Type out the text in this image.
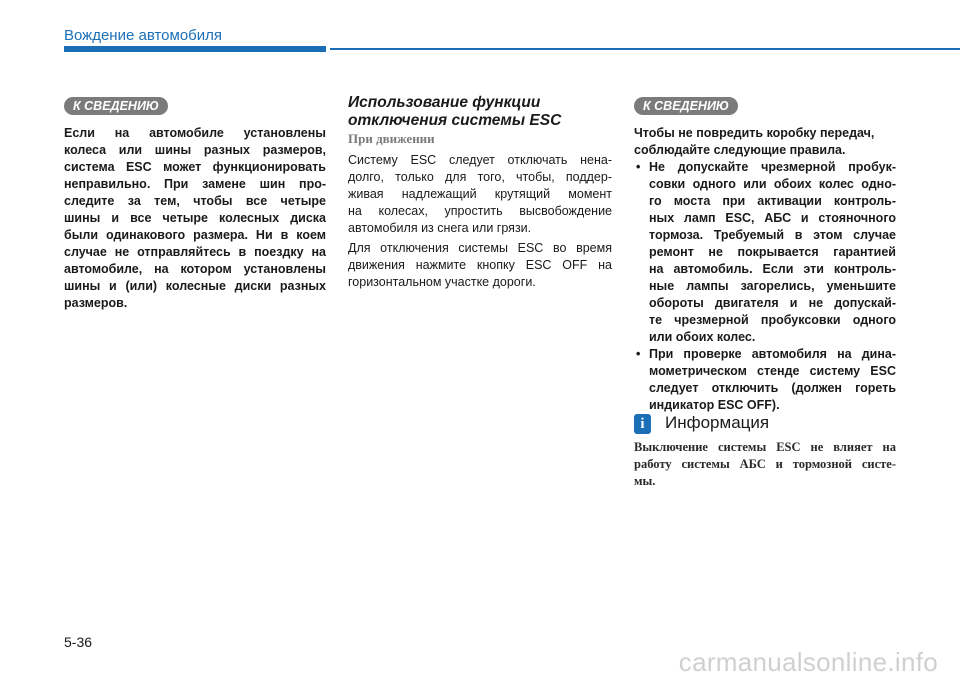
Вождение автомобиля
К СВЕДЕНИЮ
Если на автомобиле установлены
колеса или шины разных размеров,
система ESC может функционировать
неправильно. При замене шин про-
следите за тем, чтобы все четыре
шины и все четыре колесных диска
были одинакового размера. Ни в коем
случае не отправляйтесь в поездку на
автомобиле, на котором установлены
шины и (или) колесные диски разных
размеров.
Использование функции
отключения системы ESC
При движении
Систему ESC следует отключать нена-
долго, только для того, чтобы, поддер-
живая надлежащий крутящий момент
на колесах, упростить высвобождение
автомобиля из снега или грязи.
Для отключения системы ESC во время
движения нажмите кнопку ESC OFF на
горизонтальном участке дороги.
К СВЕДЕНИЮ
Чтобы не повредить коробку передач,
соблюдайте следующие правила.
• Не допускайте чрезмерной пробук-
совки одного или обоих колес одно-
го моста при активации контроль-
ных ламп ESC, АБС и стояночного
тормоза. Требуемый в этом случае
ремонт не покрывается гарантией
на автомобиль. Если эти контроль-
ные лампы загорелись, уменьшите
обороты двигателя и не допускай-
те чрезмерной пробуксовки одного
или обоих колес.
• При проверке автомобиля на дина-
мометрическом стенде систему ESC
следует отключить (должен гореть
индикатор ESC OFF).
i	Информация
Выключение системы ESC не влияет на
работу системы АБС и тормозной систе-
мы.
5-36
carmanualsonline.info
